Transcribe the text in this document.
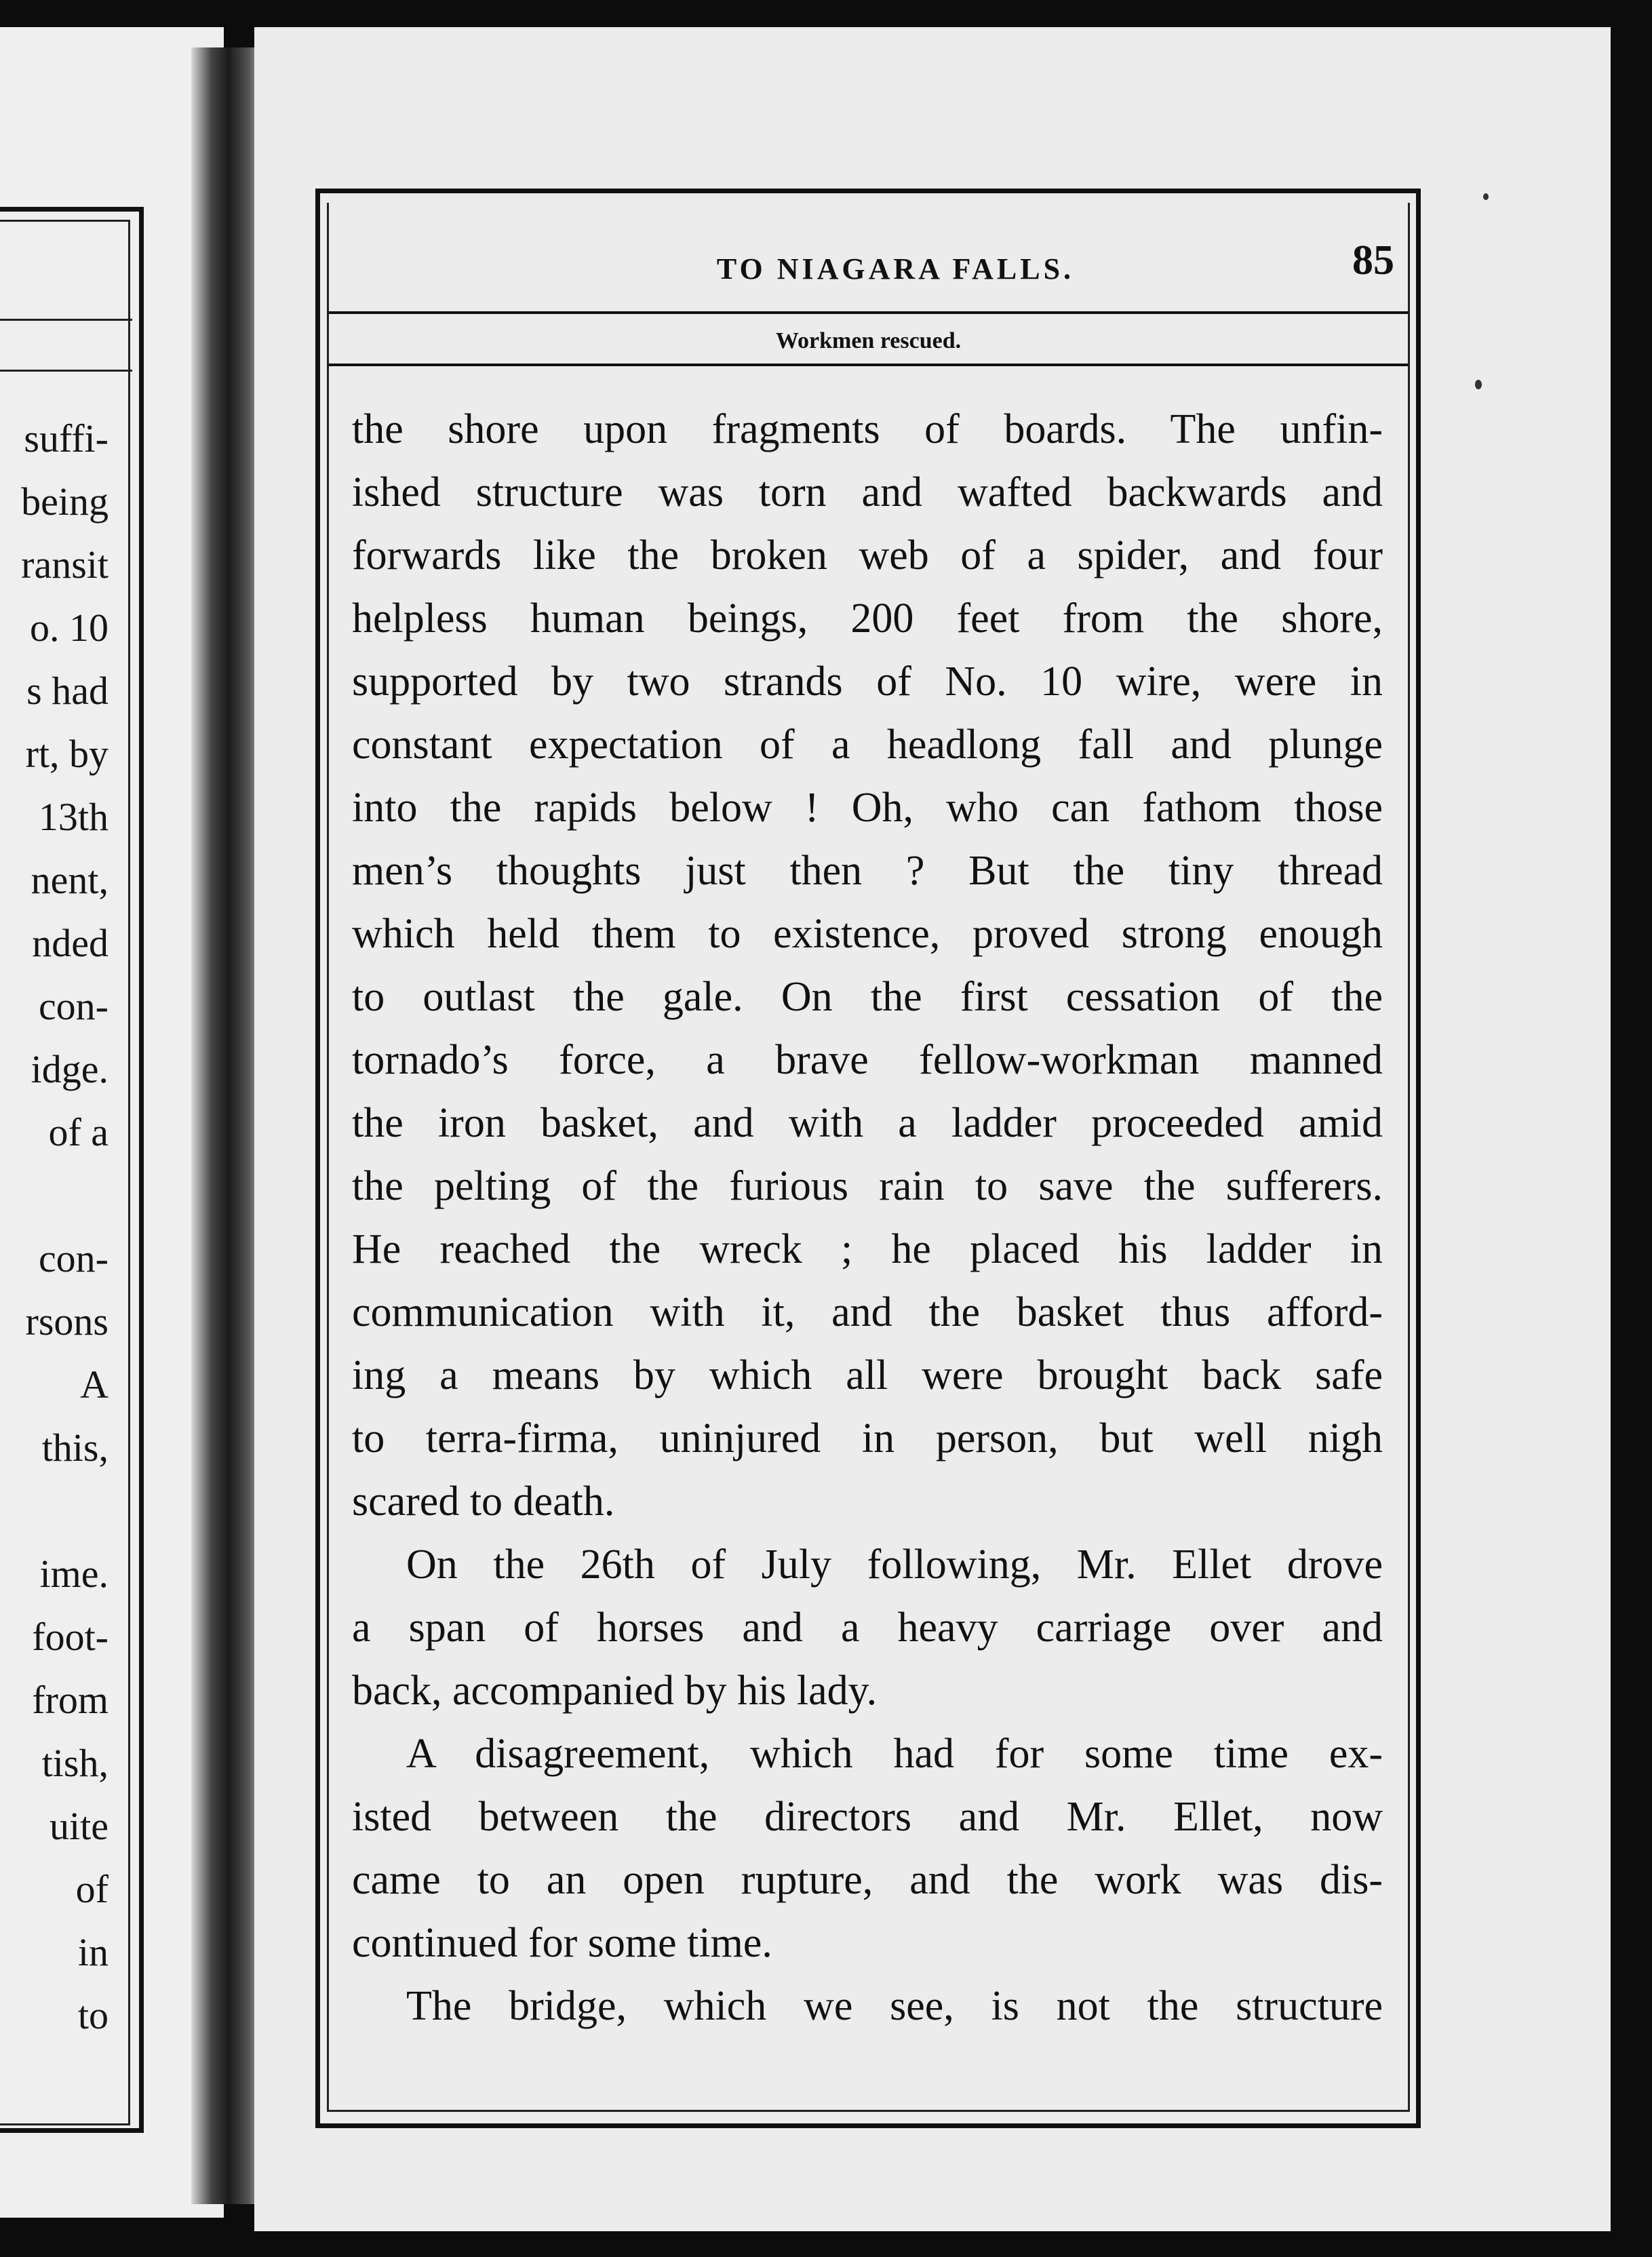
suffi-
being
ransit
o. 10
s had
rt, by
13th
nent,
nded
con-
idge.
of a
con-
rsons
A
this,
ime.
foot-
from
tish,
uite
of
in
to
TO NIAGARA FALLS.	85
Workmen rescued.
the shore upon fragments of boards. The unfin-
ished structure was torn and wafted backwards and
forwards like the broken web of a spider, and four
helpless human beings, 200 feet from the shore,
supported by two strands of No. 10 wire, were in
constant expectation of a headlong fall and plunge
into the rapids below ! Oh, who can fathom those
men’s thoughts just then ? But the tiny thread
which held them to existence, proved strong enough
to outlast the gale. On the first cessation of the
tornado’s force, a brave fellow-workman manned
the iron basket, and with a ladder proceeded amid
the pelting of the furious rain to save the sufferers.
He reached the wreck ; he placed his ladder in
communication with it, and the basket thus afford-
ing a means by which all were brought back safe
to terra-firma, uninjured in person, but well nigh
scared to death.
On the 26th of July following, Mr. Ellet drove
a span of horses and a heavy carriage over and
back, accompanied by his lady.
A disagreement, which had for some time ex-
isted between the directors and Mr. Ellet, now
came to an open rupture, and the work was dis-
continued for some time.
The bridge, which we see, is not the structure
